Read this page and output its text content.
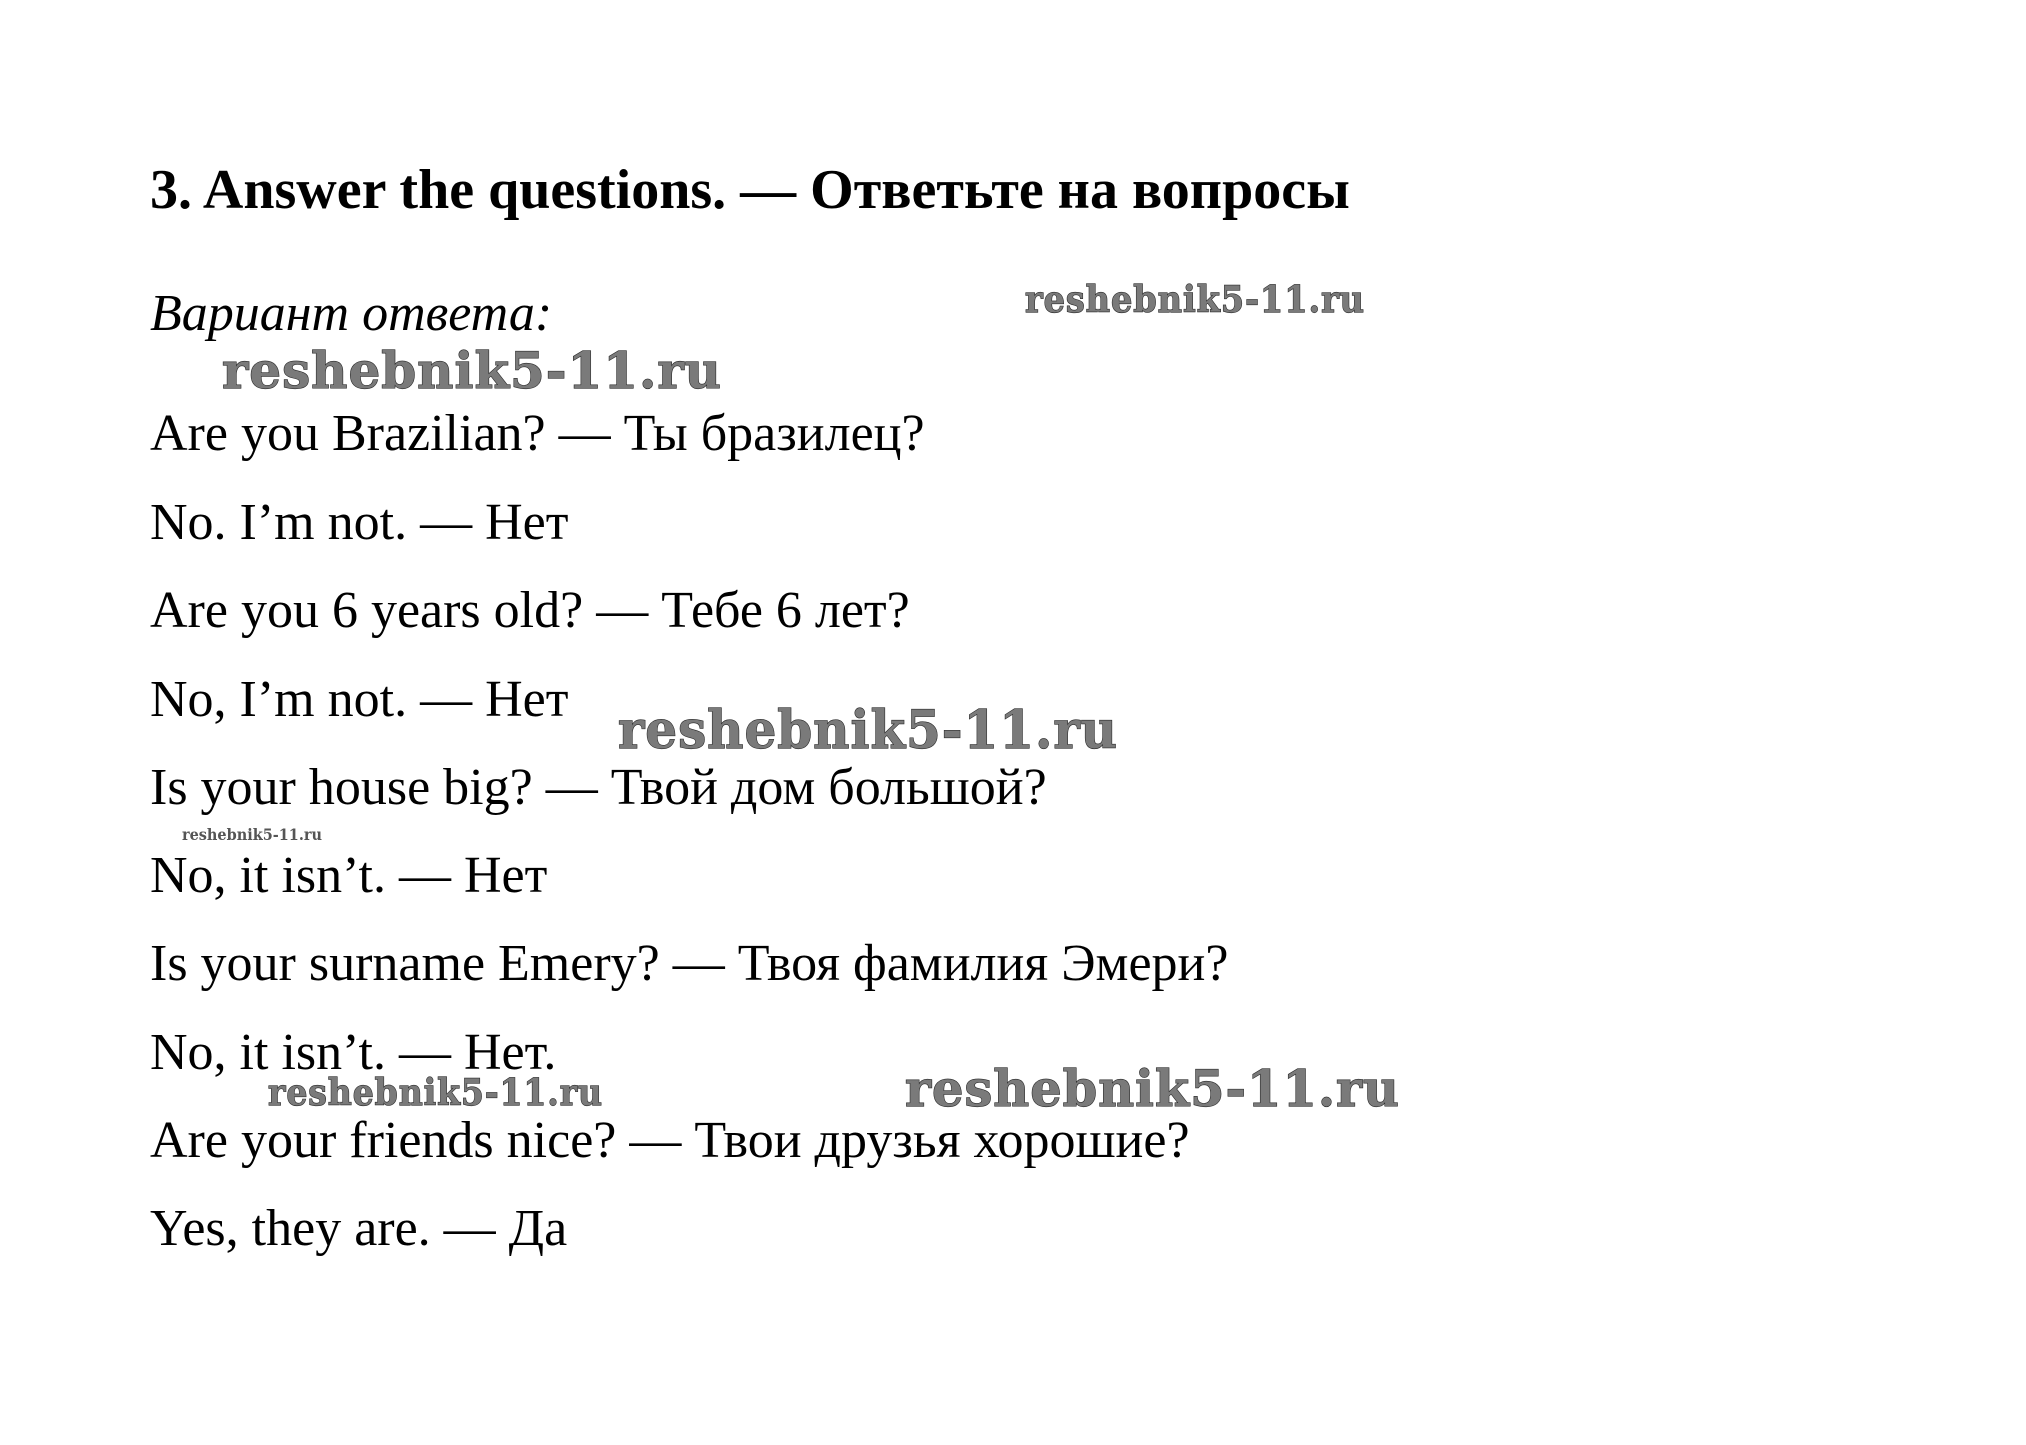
3. Answer the questions. — Ответьте на вопросы
Вариант ответа:
Are you Brazilian? — Ты бразилец?
No. I’m not. — Нет
Are you 6 years old? — Тебе 6 лет?
No, I’m not. — Нет
Is your house big? — Твой дом большой?
No, it isn’t. — Нет
Is your surname Emery? — Твоя фамилия Эмери?
No, it isn’t. — Нет.
Are your friends nice? — Твои друзья хорошие?
Yes, they are. — Да
reshebnik5-11.ru
reshebnik5-11.ru
reshebnik5-11.ru
reshebnik5-11.ru
reshebnik5-11.ru	reshebnik5-11.ru
